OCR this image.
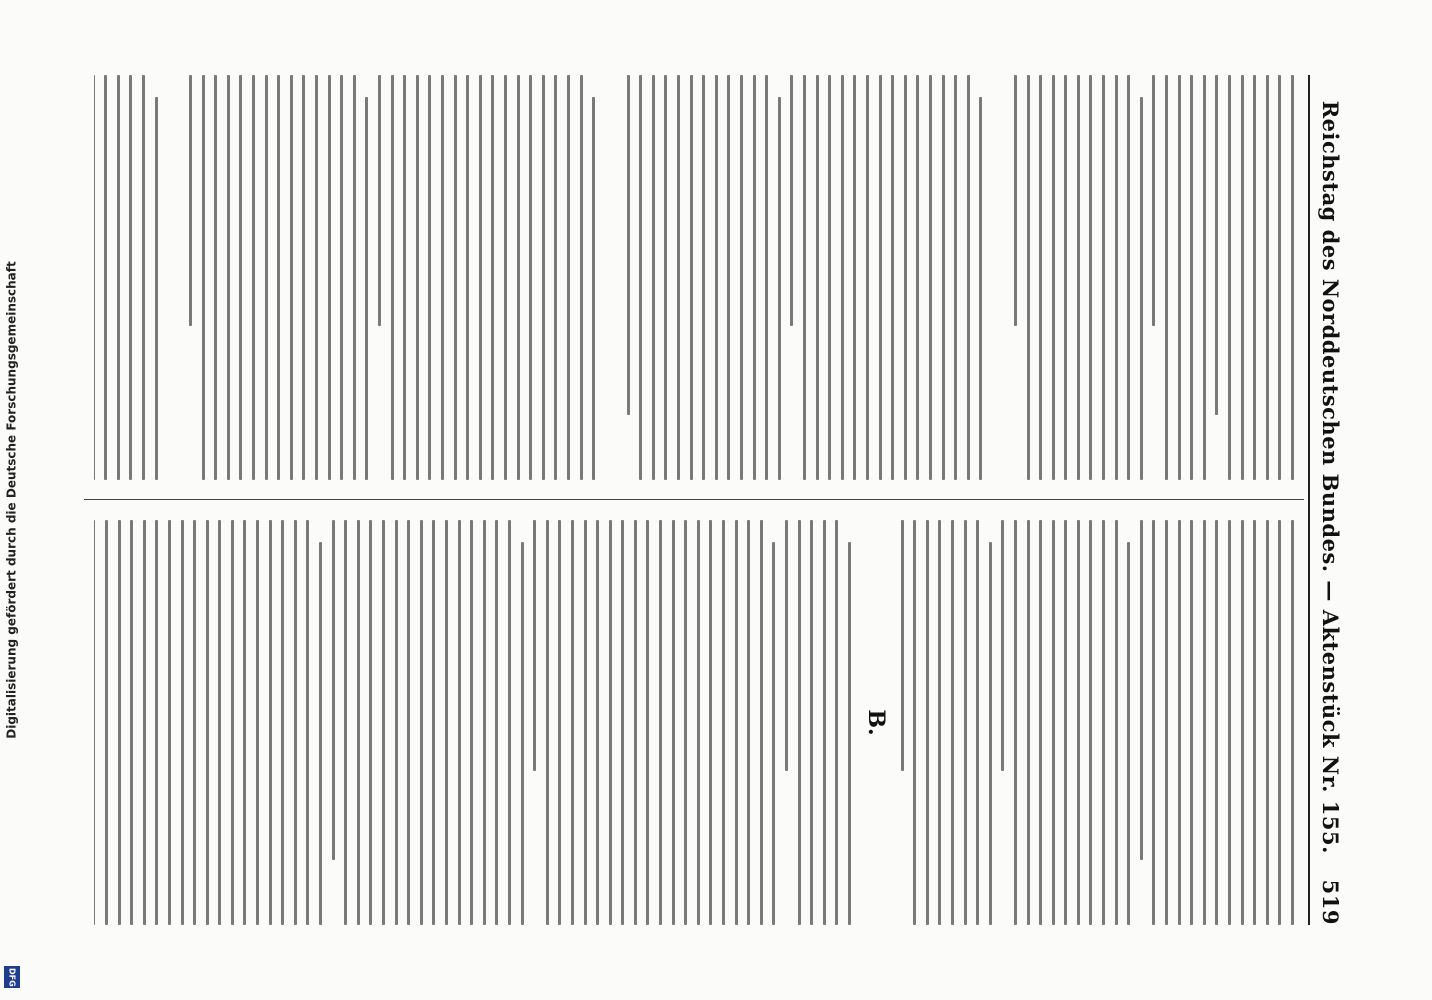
Reichstag des Norddeutschen Bundes. — Aktenstück Nr. 155.
519
B.
Digitalisierung gefördert durch die Deutsche Forschungsgemeinschaft
DFG
